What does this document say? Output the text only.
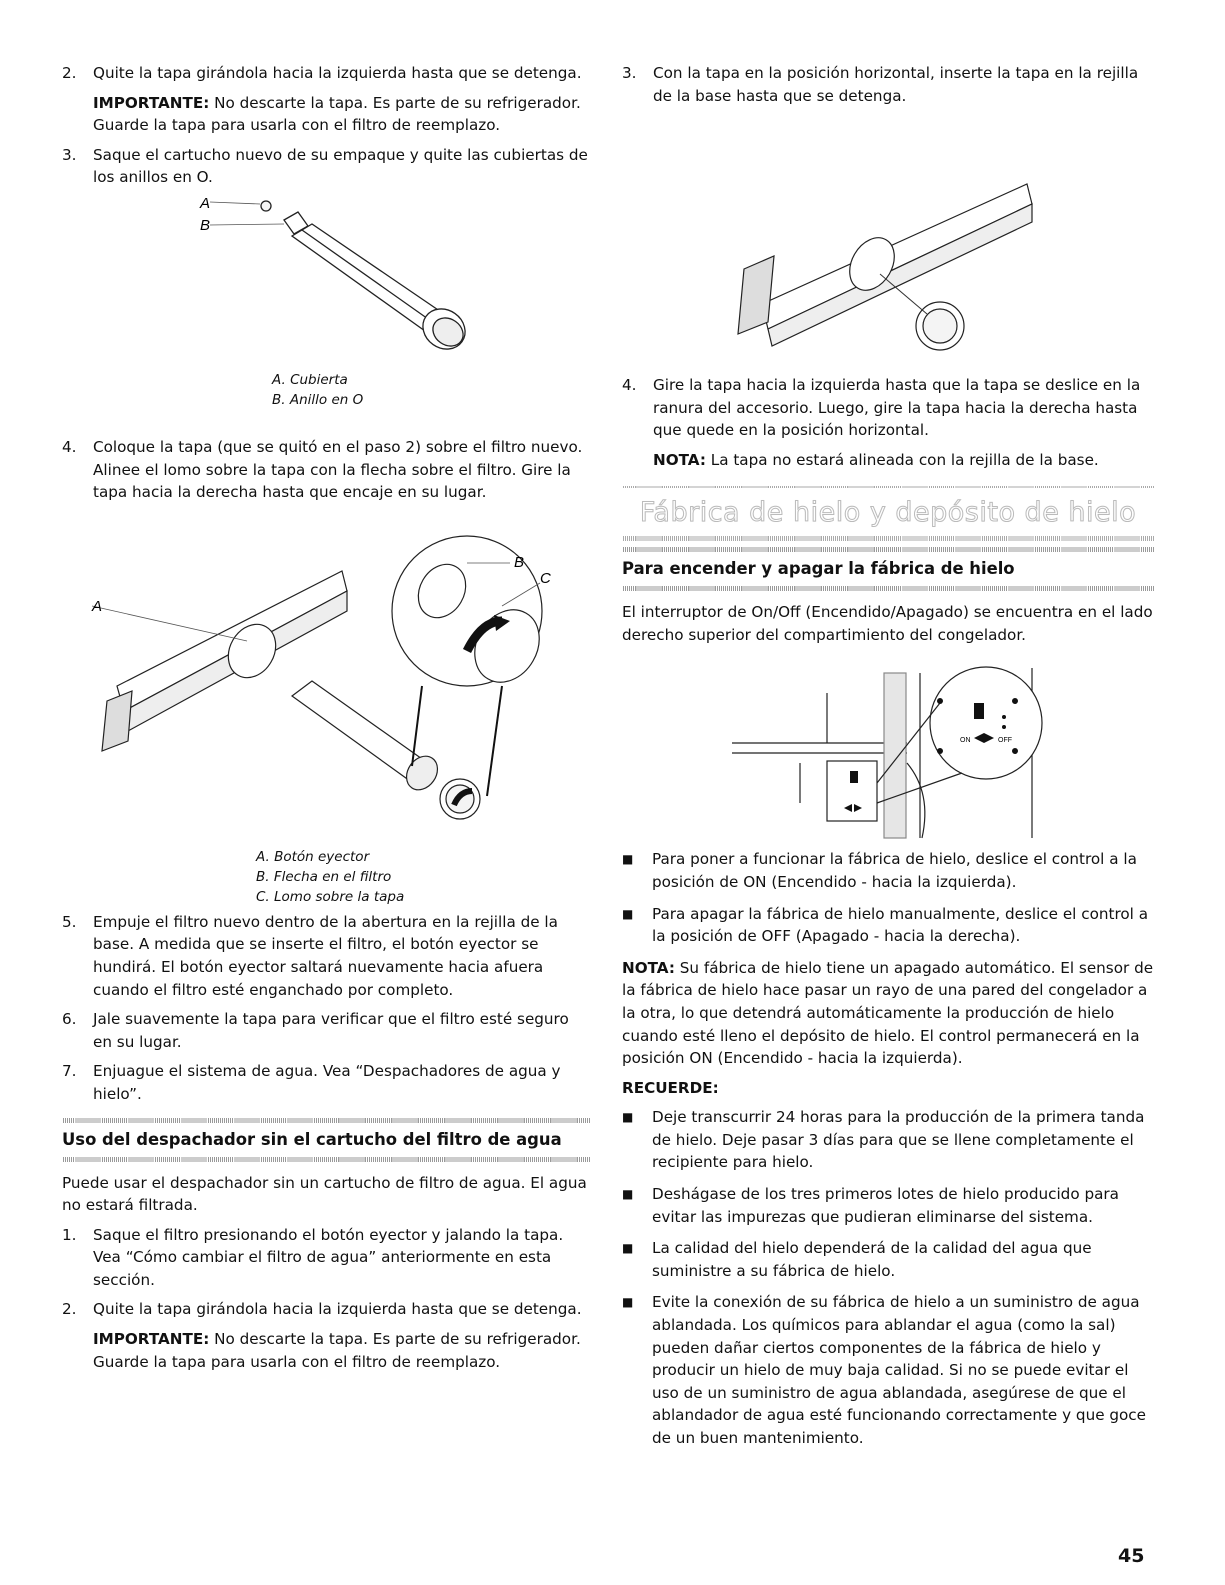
2.	Quite la tapa girándola hacia la izquierda hasta que se detenga.

IMPORTANTE: No descarte la tapa. Es parte de su refrigerador. Guarde la tapa para usarla con el filtro de reemplazo.

3.	Saque el cartucho nuevo de su empaque y quite las cubiertas de los anillos en O.
A
B
A. Cubierta
B. Anillo en O
4.	Coloque la tapa (que se quitó en el paso 2) sobre el filtro nuevo. Alinee el lomo sobre la tapa con la flecha sobre el filtro. Gire la tapa hacia la derecha hasta que encaje en su lugar.
A
B
C
A. Botón eyector
B. Flecha en el filtro
C. Lomo sobre la tapa
5.	Empuje el filtro nuevo dentro de la abertura en la rejilla de la base. A medida que se inserte el filtro, el botón eyector se hundirá. El botón eyector saltará nuevamente hacia afuera cuando el filtro esté enganchado por completo.
6.	Jale suavemente la tapa para verificar que el filtro esté seguro en su lugar.
7.	Enjuague el sistema de agua. Vea “Despachadores de agua y hielo”.
Uso del despachador sin el cartucho del filtro de agua

Puede usar el despachador sin un cartucho de filtro de agua. El agua no estará filtrada.

1.	Saque el filtro presionando el botón eyector y jalando la tapa. Vea “Cómo cambiar el filtro de agua” anteriormente en esta sección.
2.	Quite la tapa girándola hacia la izquierda hasta que se detenga.

IMPORTANTE: No descarte la tapa. Es parte de su refrigerador. Guarde la tapa para usarla con el filtro de reemplazo.

3.	Con la tapa en la posición horizontal, inserte la tapa en la rejilla de la base hasta que se detenga.
4.	Gire la tapa hacia la izquierda hasta que la tapa se deslice en la ranura del accesorio. Luego, gire la tapa hacia la derecha hasta que quede en la posición horizontal.

NOTA: La tapa no estará alineada con la rejilla de la base.

Fábrica de hielo y depósito de hielo
Para encender y apagar la fábrica de hielo

El interruptor de On/Off (Encendido/Apagado) se encuentra en el lado derecho superior del compartimiento del congelador.

ON	OFF
■	Para poner a funcionar la fábrica de hielo, deslice el control a la posición de ON (Encendido - hacia la izquierda).
■	Para apagar la fábrica de hielo manualmente, deslice el control a la posición de OFF (Apagado - hacia la derecha).

NOTA: Su fábrica de hielo tiene un apagado automático. El sensor de la fábrica de hielo hace pasar un rayo de una pared del congelador a la otra, lo que detendrá automáticamente la producción de hielo cuando esté lleno el depósito de hielo. El control permanecerá en la posición ON (Encendido - hacia la izquierda).

RECUERDE:

■	Deje transcurrir 24 horas para la producción de la primera tanda de hielo. Deje pasar 3 días para que se llene completamente el recipiente para hielo.
■	Deshágase de los tres primeros lotes de hielo producido para evitar las impurezas que pudieran eliminarse del sistema.
■	La calidad del hielo dependerá de la calidad del agua que suministre a su fábrica de hielo.
■	Evite la conexión de su fábrica de hielo a un suministro de agua ablandada. Los químicos para ablandar el agua (como la sal) pueden dañar ciertos componentes de la fábrica de hielo y producir un hielo de muy baja calidad. Si no se puede evitar el uso de un suministro de agua ablandada, asegúrese de que el ablandador de agua esté funcionando correctamente y que goce de un buen mantenimiento.
45
